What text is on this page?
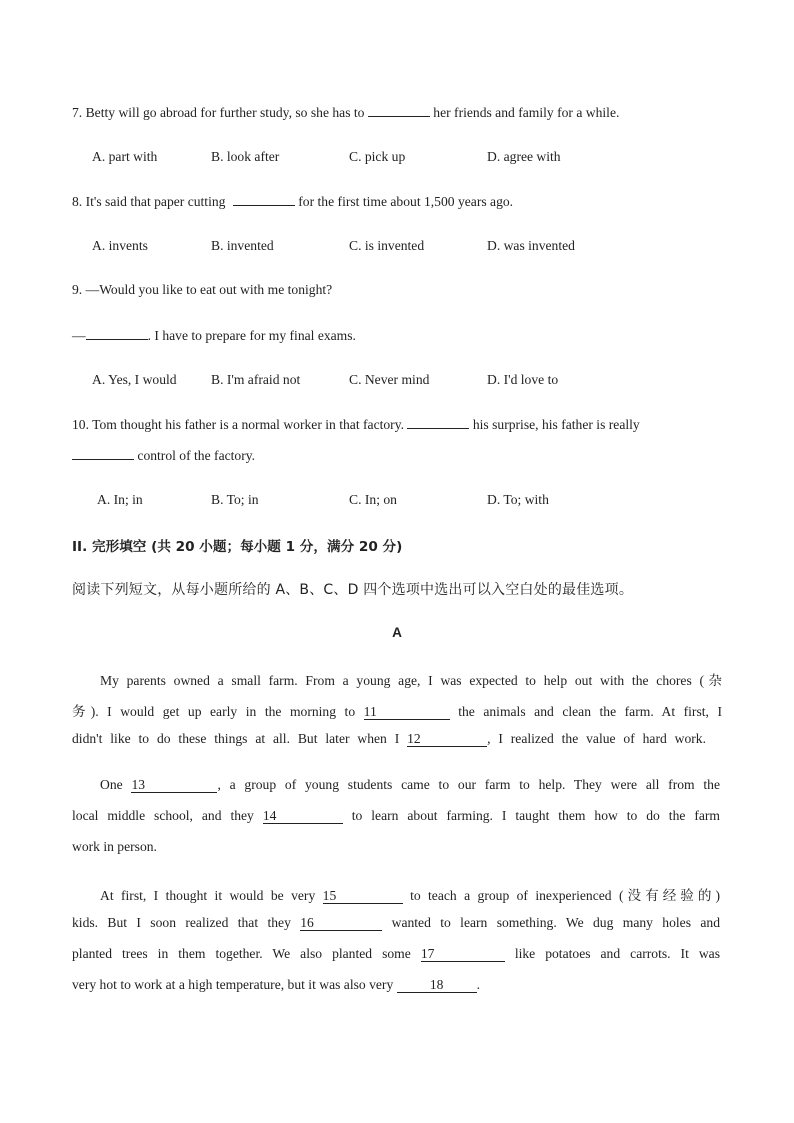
7. Betty will go abroad for further study, so she has to	her friends and family for a while.
A. part with	B. look after	C. pick up	D. agree with
8. It's said that paper cutting	for the first time about 1,500 years ago.
A. invents	B. invented	C. is invented	D. was invented
9. —Would you like to eat out with me tonight?
—	. I have to prepare for my final exams.
A. Yes, I would	B. I'm afraid not	C. Never mind	D. I'd love to
10. Tom thought his father is a normal worker in that factory.	his surprise, his father is really
control of the factory.
A. In; in	B. To; in	C. In; on	D. To; with
II. 完形填空 (共 20 小题；每小题 1 分，满分 20 分)
阅读下列短文，从每小题所给的 A、B、C、D 四个选项中选出可以入空白处的最佳选项。
A
My parents owned a small farm. From a young age, I was expected to help out with the chores (杂
务). I would get up early in the morning to 11	the animals and clean the farm. At first, I
didn't like to do these things at all. But later when I 12	, I realized the value of hard work.
One 13	, a group of young students came to our farm to help. They were all from the
local middle school, and they 14	to learn about farming. I taught them how to do the farm
work in person.
At first, I thought it would be very 15	to teach a group of inexperienced (没有经验的)
kids. But I soon realized that they 16	wanted to learn something. We dug many holes and
planted trees in them together. We also planted some 17	like potatoes and carrots. It was
very hot to work at a high temperature, but it was also very	18 .
